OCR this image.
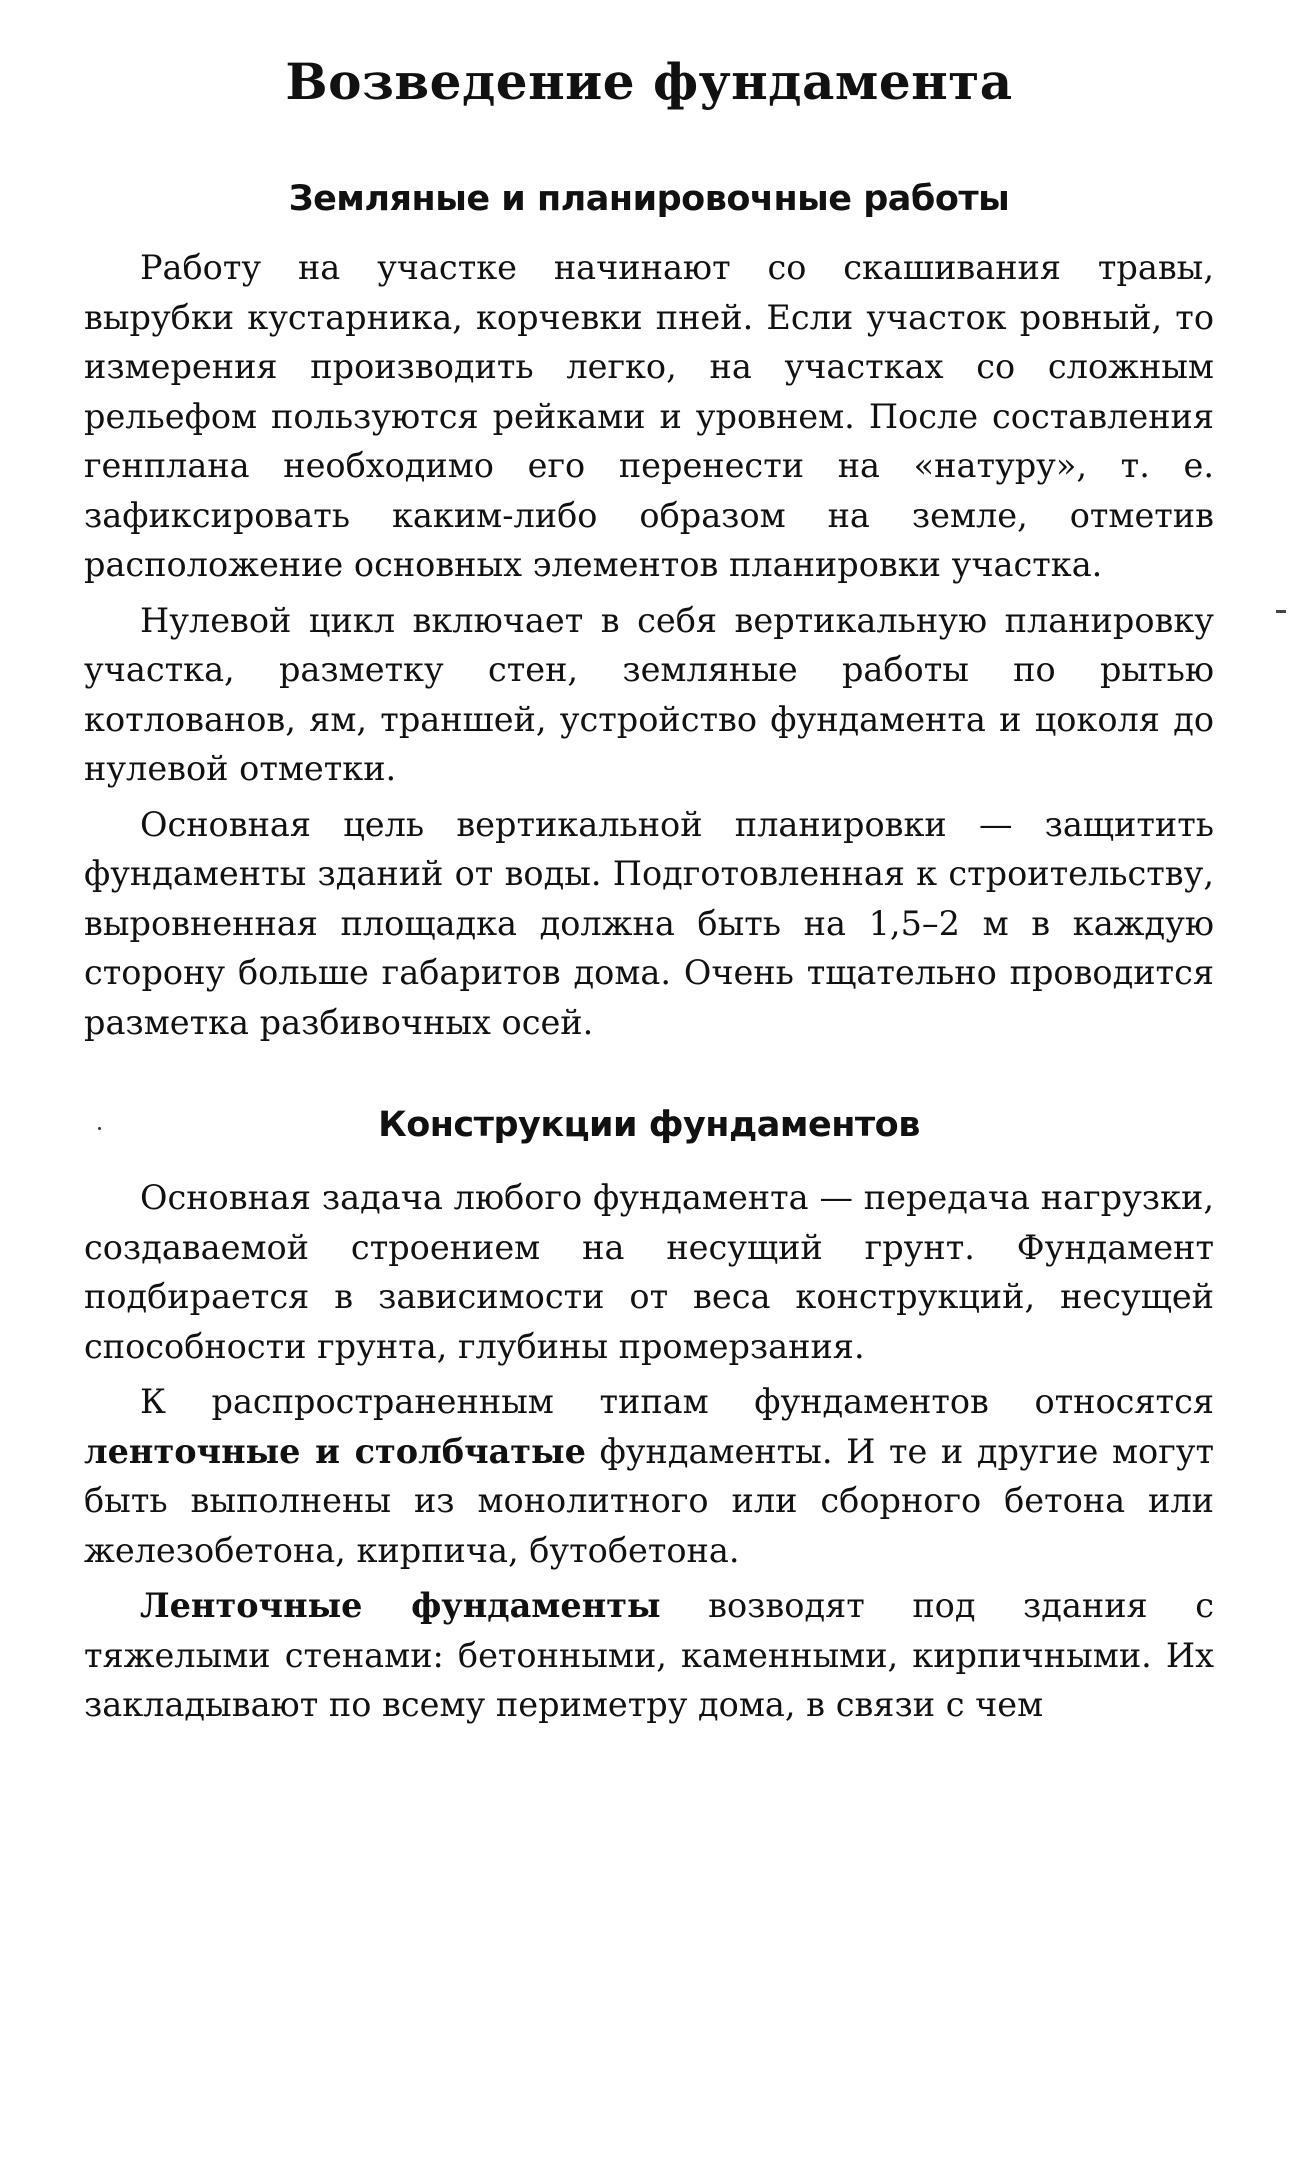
Возведение фундамента
Земляные и планировочные работы

Работу на участке начинают со скашивания травы, вырубки кустарника, корчевки пней. Если участок ровный, то измерения производить легко, на участках со сложным рельефом пользуются рейками и уровнем. После составления генплана необходимо его перенести на «натуру», т. е. зафиксировать каким-либо образом на земле, отметив расположение основных элементов планировки участка.

Нулевой цикл включает в себя вертикальную планировку участка, разметку стен, земляные работы по рытью котлованов, ям, траншей, устройство фундамента и цоколя до нулевой отметки.

Основная цель вертикальной планировки — защитить фундаменты зданий от воды. Подготовленная к строительству, выровненная площадка должна быть на 1,5–2 м в каждую сторону больше габаритов дома. Очень тщательно проводится разметка разбивочных осей.

Конструкции фундаментов

Основная задача любого фундамента — передача нагрузки, создаваемой строением на несущий грунт. Фундамент подбирается в зависимости от веса конструкций, несущей способности грунта, глубины промерзания.

К распространенным типам фундаментов относятся ленточные и столбчатые фундаменты. И те и другие могут быть выполнены из монолитного или сборного бетона или железобетона, кирпича, бутобетона.

Ленточные фундаменты возводят под здания с тяжелыми стенами: бетонными, каменными, кирпичными. Их закладывают по всему периметру дома, в связи с чем
